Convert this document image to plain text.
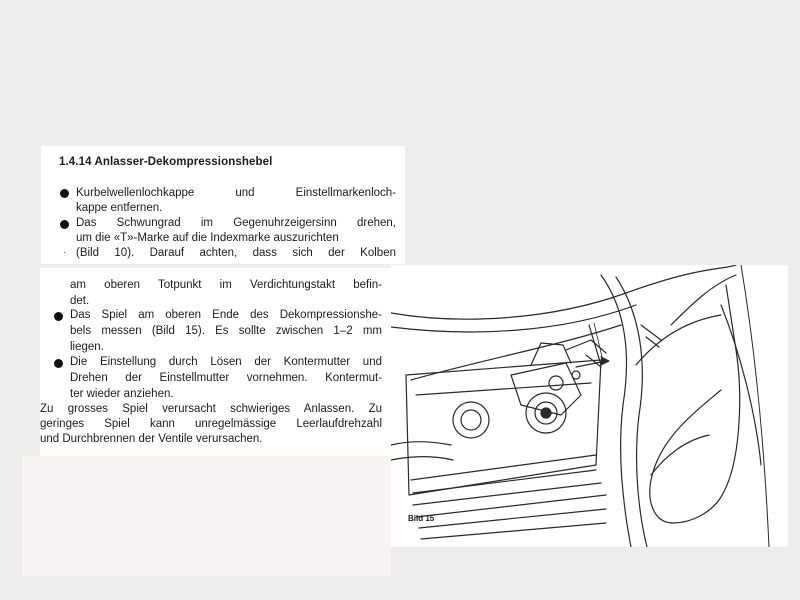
1.4.14 Anlasser-Dekompressionshebel
Kurbelwellenlochkappe und Einstellmarkenloch-
kappe entfernen.
Das Schwungrad im Gegenuhrzeigersinn drehen,
um die «T»-Marke auf die Indexmarke auszurichten
· (Bild 10). Darauf achten, dass sich der Kolben
am oberen Totpunkt im Verdichtungstakt befin-
det.
Das Spiel am oberen Ende des Dekompressionshe-
bels messen (Bild 15). Es sollte zwischen 1–2 mm
liegen.
Die Einstellung durch Lösen der Kontermutter und
Drehen der Einstellmutter vornehmen. Kontermut-
ter wieder anziehen.
Zu grosses Spiel verursacht schwieriges Anlassen. Zu
geringes Spiel kann unregelmässige Leerlaufdrehzahl
und Durchbrennen der Ventile verursachen.
Bild 15
